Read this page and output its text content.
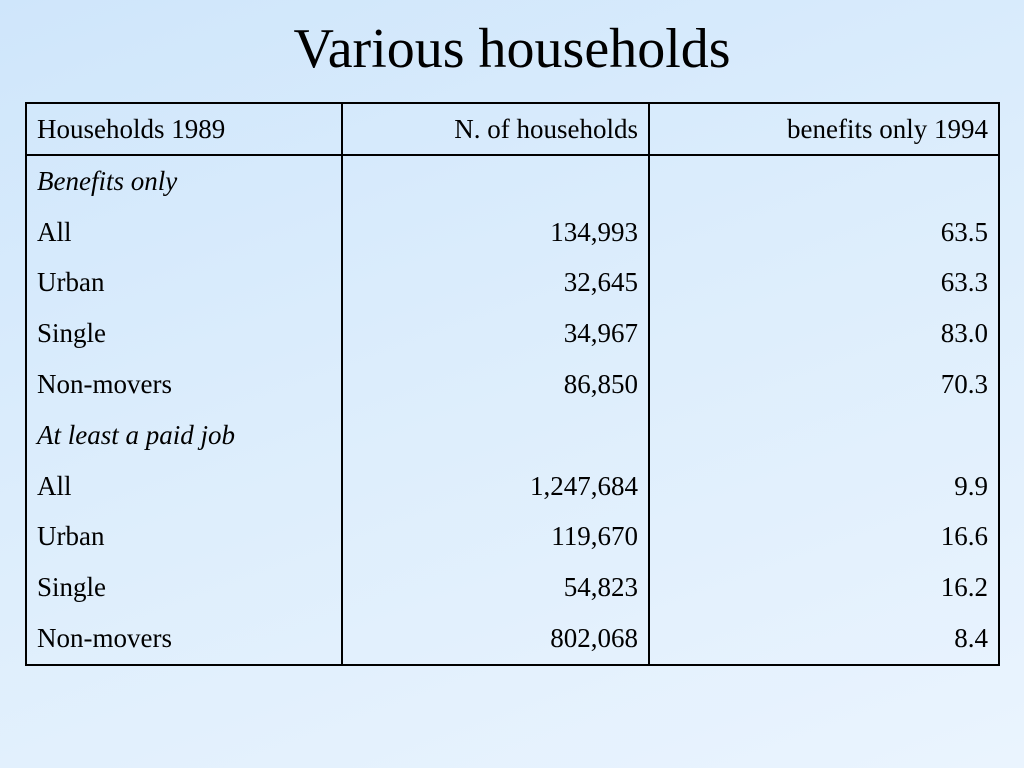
Various households
Households 1989	N. of households	benefits only 1994
Benefits only		
All	134,993	63.5
Urban	32,645	63.3
Single	34,967	83.0
Non-movers	86,850	70.3
At least a paid job		
All	1,247,684	9.9
Urban	119,670	16.6
Single	54,823	16.2
Non-movers	802,068	8.4
